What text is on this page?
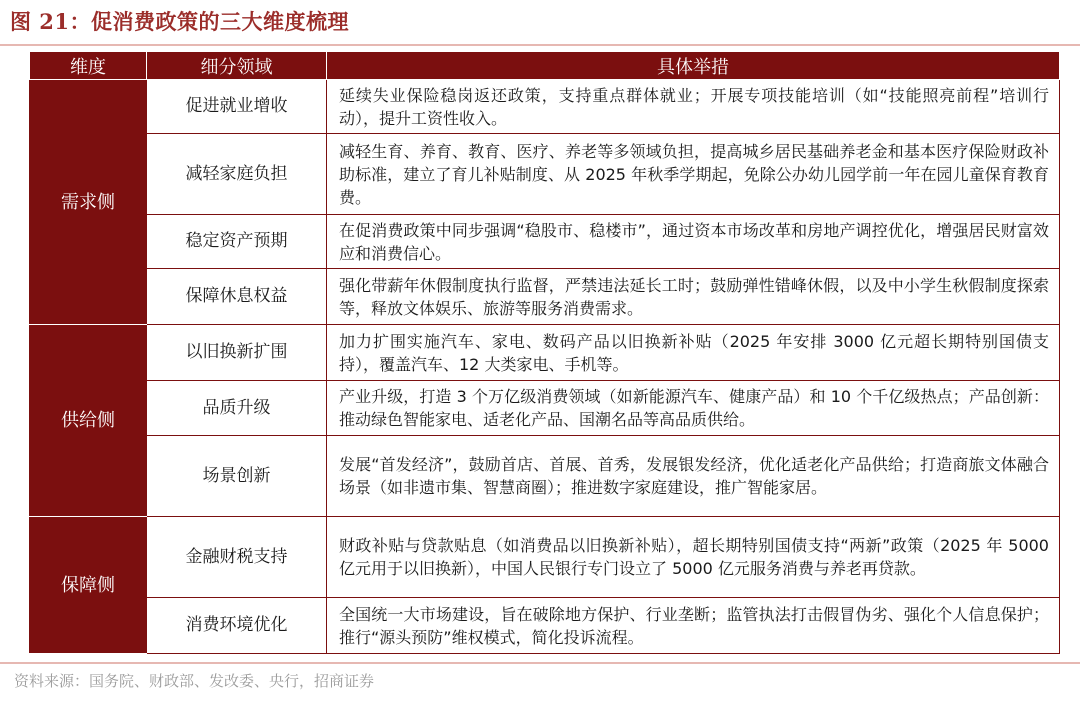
图 21：促消费政策的三大维度梳理
维度	细分领域	具体举措
需求侧	促进就业增收	延续失业保险稳岗返还政策，支持重点群体就业；开展专项技能培训（如“技能照亮前程”培训行动），提升工资性收入。
	减轻家庭负担	减轻生育、养育、教育、医疗、养老等多领域负担，提高城乡居民基础养老金和基本医疗保险财政补助标准，建立了育儿补贴制度、从 2025 年秋季学期起，免除公办幼儿园学前一年在园儿童保育教育费。
	稳定资产预期	在促消费政策中同步强调“稳股市、稳楼市”，通过资本市场改革和房地产调控优化，增强居民财富效应和消费信心。
	保障休息权益	强化带薪年休假制度执行监督，严禁违法延长工时；鼓励弹性错峰休假，以及中小学生秋假制度探索等，释放文体娱乐、旅游等服务消费需求。
供给侧	以旧换新扩围	加力扩围实施汽车、家电、数码产品以旧换新补贴（2025 年安排 3000 亿元超长期特别国债支持），覆盖汽车、12 大类家电、手机等。
	品质升级	产业升级，打造 3 个万亿级消费领域（如新能源汽车、健康产品）和 10 个千亿级热点；产品创新：推动绿色智能家电、适老化产品、国潮名品等高品质供给。
	场景创新	发展“首发经济”，鼓励首店、首展、首秀，发展银发经济，优化适老化产品供给；打造商旅文体融合场景（如非遗市集、智慧商圈）；推进数字家庭建设，推广智能家居。
保障侧	金融财税支持	财政补贴与贷款贴息（如消费品以旧换新补贴），超长期特别国债支持“两新”政策（2025 年 5000 亿元用于以旧换新），中国人民银行专门设立了 5000 亿元服务消费与养老再贷款。
	消费环境优化	全国统一大市场建设，旨在破除地方保护、行业垄断；监管执法打击假冒伪劣、强化个人信息保护；推行“源头预防”维权模式，简化投诉流程。
资料来源：国务院、财政部、发改委、央行，招商证券
